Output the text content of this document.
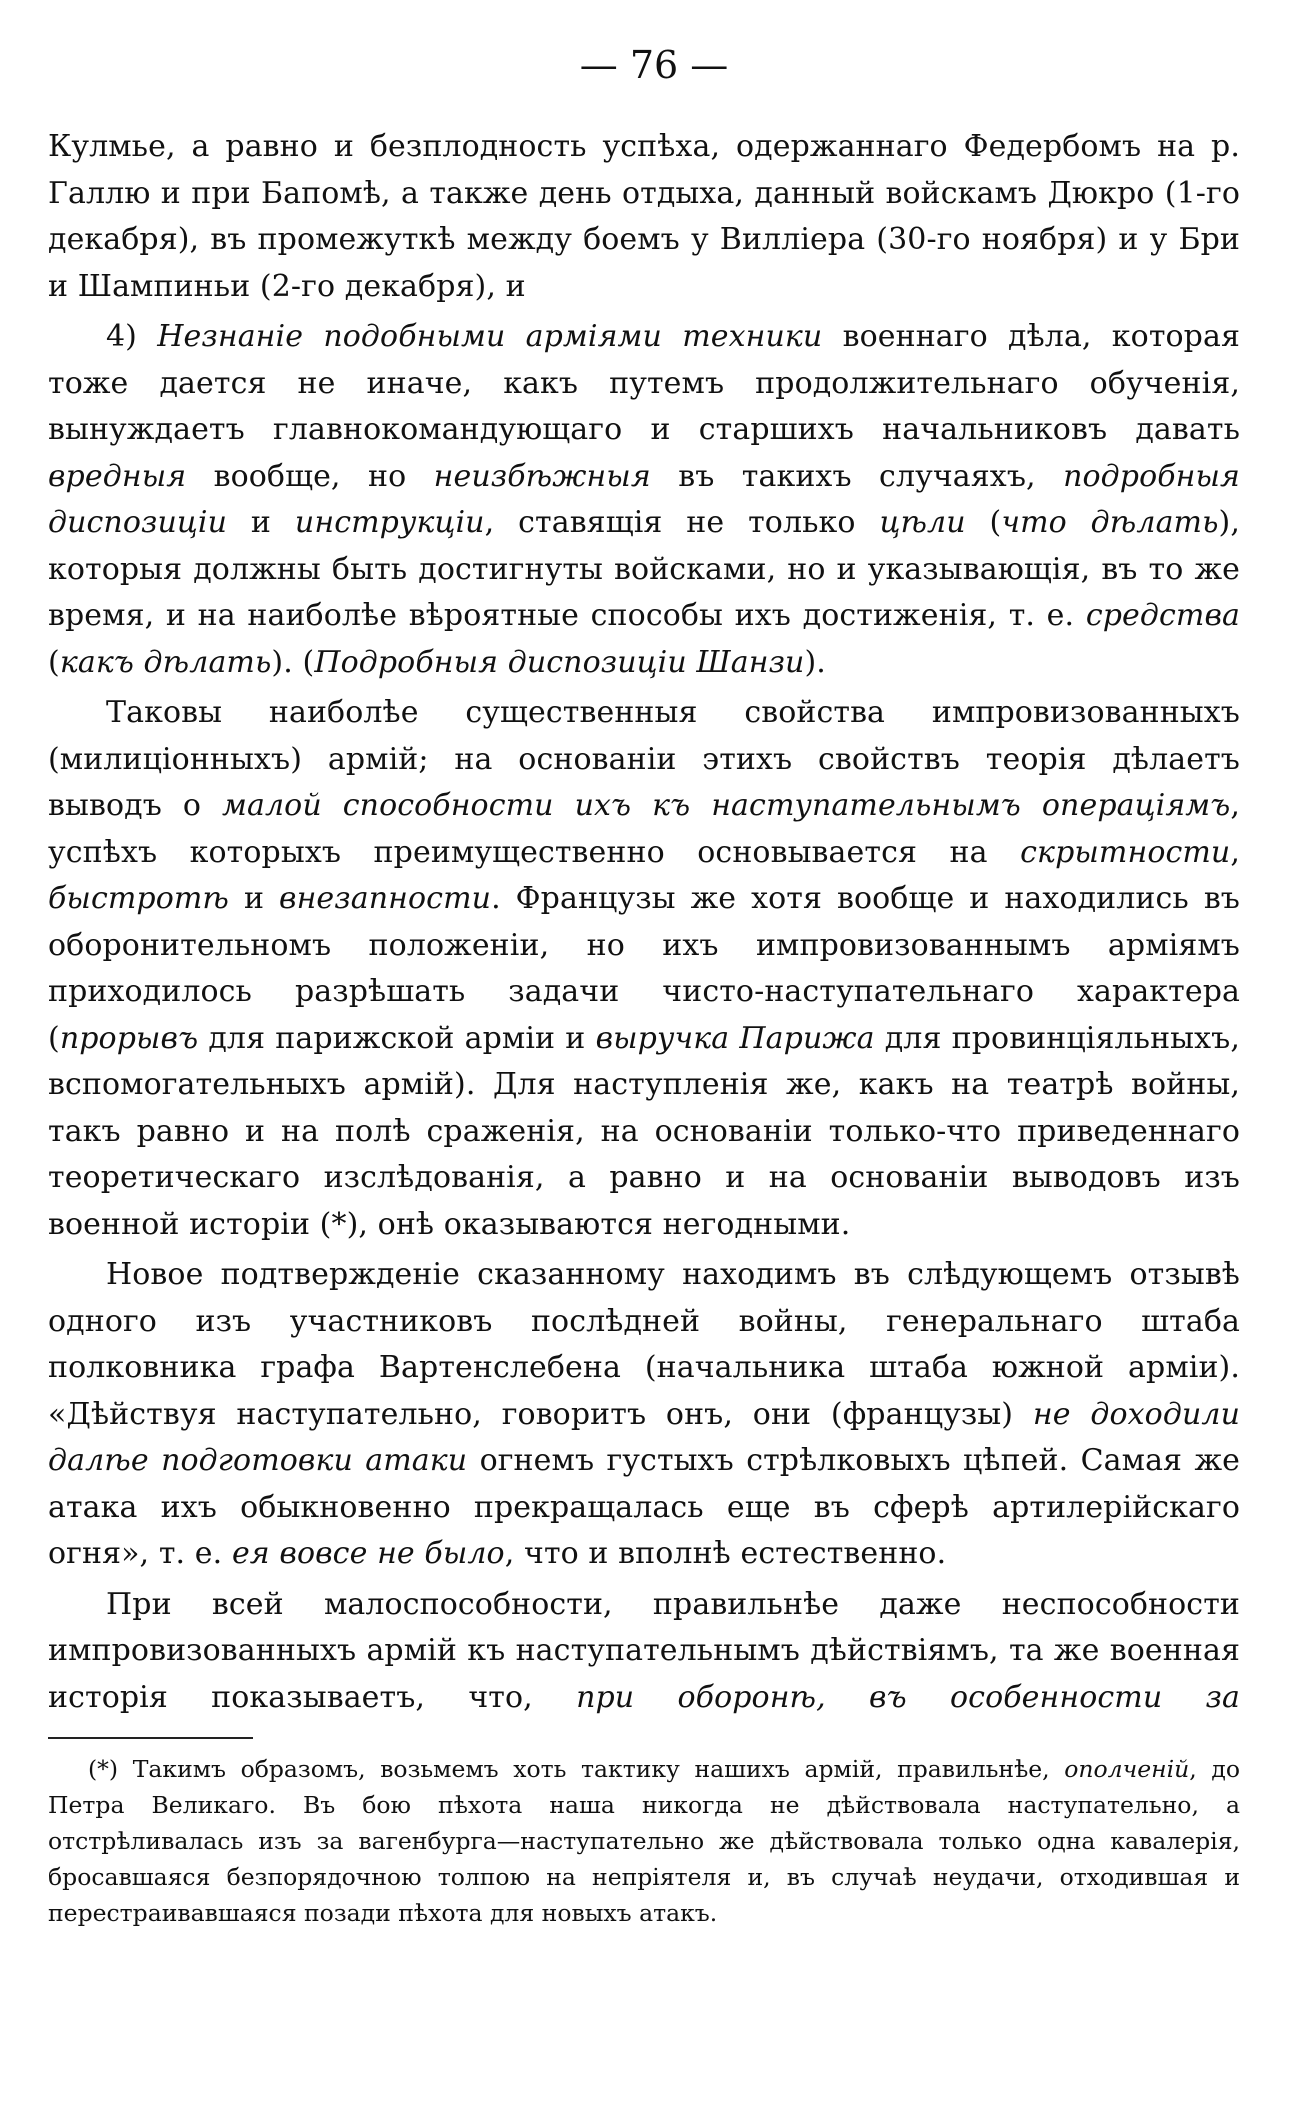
— 76 —

Кулмье, а равно и безплодность успѣха, одержаннаго Федербомъ на р. Галлю и при Бапомѣ, а также день отдыха, данный войскамъ Дюкро (1-го декабря), въ промежуткѣ между боемъ у Вилліера (30-го ноября) и у Бри и Шампиньи (2-го декабря), и

4) Незнаніе подобными арміями техники военнаго дѣла, которая тоже дается не иначе, какъ путемъ продолжительнаго обученія, вынуждаетъ главнокомандующаго и старшихъ начальниковъ давать вредныя вообще, но неизбѣжныя въ такихъ случаяхъ, подробныя диспозиціи и инструкціи, ставящія не только цѣли (что дѣлать), которыя должны быть достигнуты войсками, но и указывающія, въ то же время, и на наиболѣе вѣроятные способы ихъ достиженія, т. е. средства (какъ дѣлать). (Подробныя диспозиціи Шанзи).

Таковы наиболѣе существенныя свойства импровизованныхъ (милиціонныхъ) армій; на основаніи этихъ свойствъ теорія дѣлаетъ выводъ о малой способности ихъ къ наступательнымъ операціямъ, успѣхъ которыхъ преимущественно основывается на скрытности, быстротѣ и внезапности. Французы же хотя вообще и находились въ оборонительномъ положеніи, но ихъ импровизованнымъ арміямъ приходилось разрѣшать задачи чисто-наступательнаго характера (прорывъ для парижской арміи и выручка Парижа для провинціяльныхъ, вспомогательныхъ армій). Для наступленія же, какъ на театрѣ войны, такъ равно и на полѣ сраженія, на основаніи только-что приведеннаго теоретическаго изслѣдованія, а равно и на основаніи выводовъ изъ военной исторіи (*), онѣ оказываются негодными.

Новое подтвержденіе сказанному находимъ въ слѣдующемъ отзывѣ одного изъ участниковъ послѣдней войны, генеральнаго штаба полковника графа Вартенслебена (начальника штаба южной арміи). «Дѣйствуя наступательно, говоритъ онъ, они (французы) не доходили далѣе подготовки атаки огнемъ густыхъ стрѣлковыхъ цѣпей. Самая же атака ихъ обыкновенно прекращалась еще въ сферѣ артилерійскаго огня», т. е. ея вовсе не было, что и вполнѣ естественно.

При всей малоспособности, правильнѣе даже неспособности импровизованныхъ армій къ наступательнымъ дѣйствіямъ, та же военная исторія показываетъ, что, при оборонѣ, въ особенности за

(*) Такимъ образомъ, возьмемъ хоть тактику нашихъ армій, правильнѣе, ополченій, до Петра Великаго. Въ бою пѣхота наша никогда не дѣйствовала наступательно, а отстрѣливалась изъ за вагенбурга—наступательно же дѣйствовала только одна кавалерія, бросавшаяся безпорядочною толпою на непріятеля и, въ случаѣ неудачи, отходившая и перестраивавшаяся позади пѣхота для новыхъ атакъ.
